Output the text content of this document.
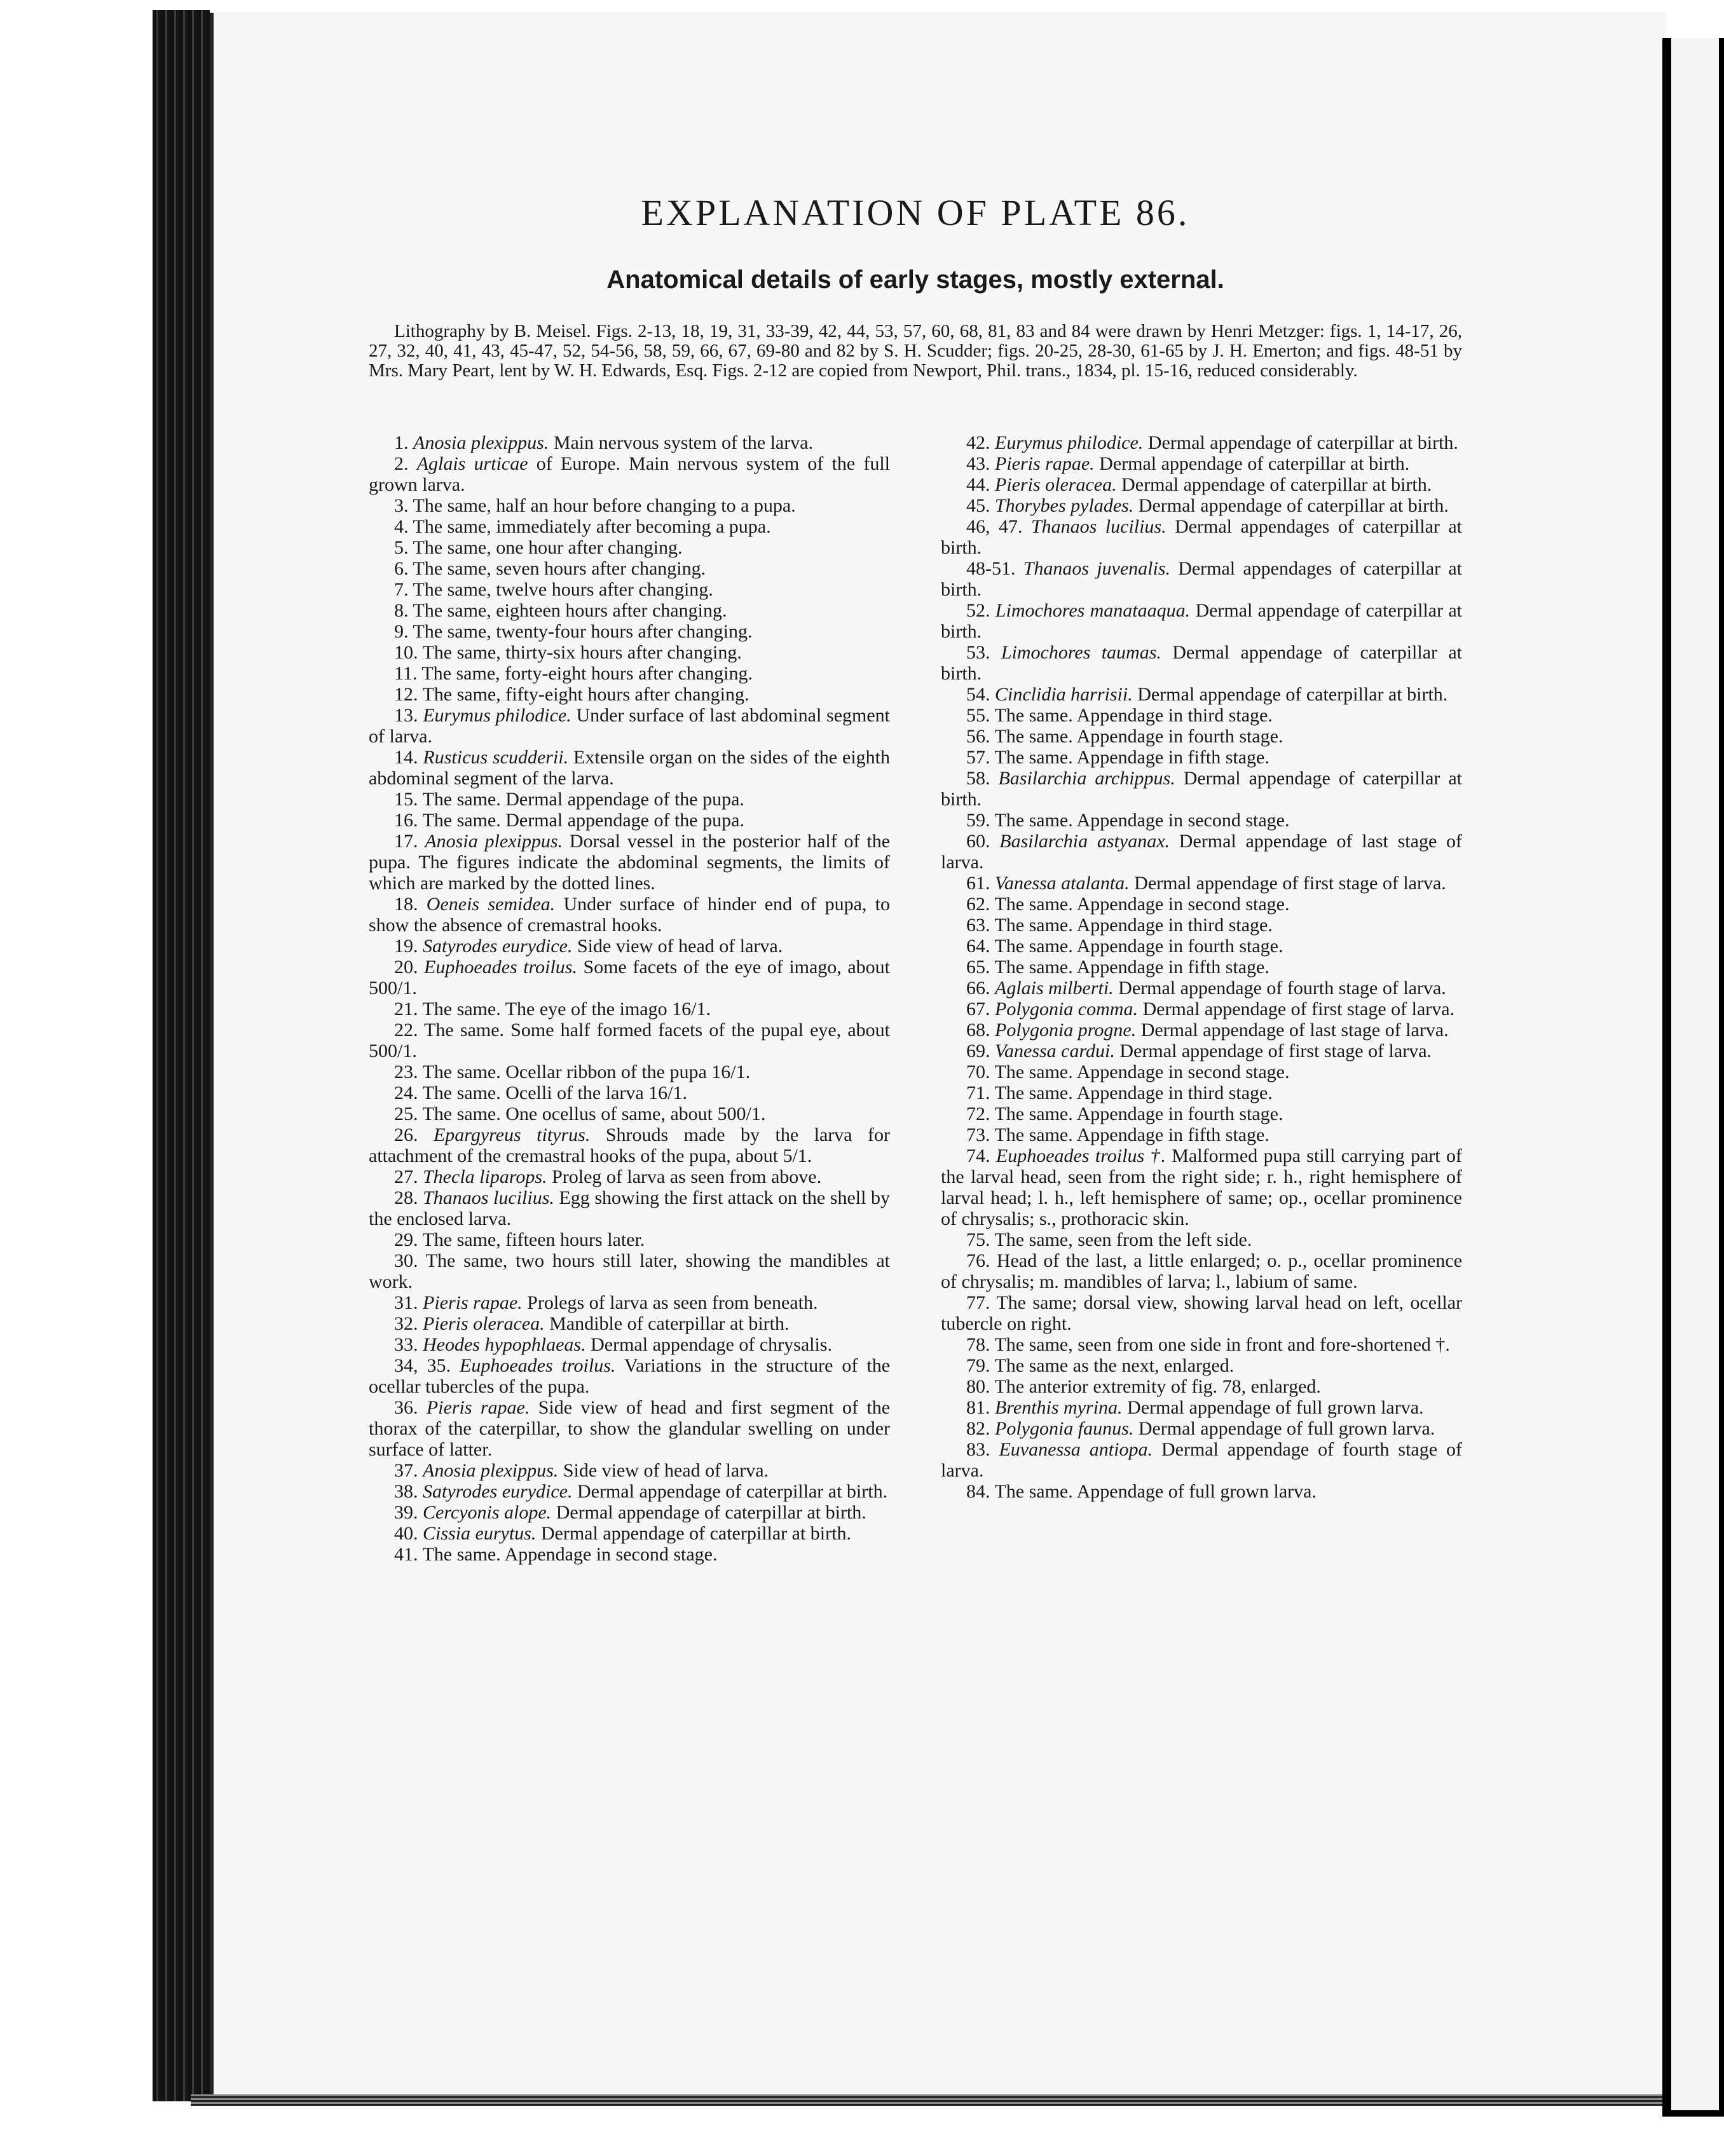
EXPLANATION OF PLATE 86.
Anatomical details of early stages, mostly external.

Lithography by B. Meisel. Figs. 2-13, 18, 19, 31, 33-39, 42, 44, 53, 57, 60, 68, 81, 83 and 84 were drawn by Henri Metzger: figs. 1, 14-17, 26, 27, 32, 40, 41, 43, 45-47, 52, 54-56, 58, 59, 66, 67, 69-80 and 82 by S. H. Scudder; figs. 20-25, 28-30, 61-65 by J. H. Emerton; and figs. 48-51 by Mrs. Mary Peart, lent by W. H. Edwards, Esq. Figs. 2-12 are copied from Newport, Phil. trans., 1834, pl. 15-16, reduced considerably.

1. Anosia plexippus. Main nervous system of the larva.

2. Aglais urticae of Europe. Main nervous system of the full grown larva.

3. The same, half an hour before changing to a pupa.

4. The same, immediately after becoming a pupa.

5. The same, one hour after changing.

6. The same, seven hours after changing.

7. The same, twelve hours after changing.

8. The same, eighteen hours after changing.

9. The same, twenty-four hours after changing.

10. The same, thirty-six hours after changing.

11. The same, forty-eight hours after changing.

12. The same, fifty-eight hours after changing.

13. Eurymus philodice. Under surface of last abdominal segment of larva.

14. Rusticus scudderii. Extensile organ on the sides of the eighth abdominal segment of the larva.

15. The same. Dermal appendage of the pupa.

16. The same. Dermal appendage of the pupa.

17. Anosia plexippus. Dorsal vessel in the posterior half of the pupa. The figures indicate the abdominal segments, the limits of which are marked by the dotted lines.

18. Oeneis semidea. Under surface of hinder end of pupa, to show the absence of cremastral hooks.

19. Satyrodes eurydice. Side view of head of larva.

20. Euphoeades troilus. Some facets of the eye of imago, about 500/1.

21. The same. The eye of the imago 16/1.

22. The same. Some half formed facets of the pupal eye, about 500/1.

23. The same. Ocellar ribbon of the pupa 16/1.

24. The same. Ocelli of the larva 16/1.

25. The same. One ocellus of same, about 500/1.

26. Epargyreus tityrus. Shrouds made by the larva for attachment of the cremastral hooks of the pupa, about 5/1.

27. Thecla liparops. Proleg of larva as seen from above.

28. Thanaos lucilius. Egg showing the first attack on the shell by the enclosed larva.

29. The same, fifteen hours later.

30. The same, two hours still later, showing the mandibles at work.

31. Pieris rapae. Prolegs of larva as seen from beneath.

32. Pieris oleracea. Mandible of caterpillar at birth.

33. Heodes hypophlaeas. Dermal appendage of chrysalis.

34, 35. Euphoeades troilus. Variations in the structure of the ocellar tubercles of the pupa.

36. Pieris rapae. Side view of head and first segment of the thorax of the caterpillar, to show the glandular swelling on under surface of latter.

37. Anosia plexippus. Side view of head of larva.

38. Satyrodes eurydice. Dermal appendage of caterpillar at birth.

39. Cercyonis alope. Dermal appendage of caterpillar at birth.

40. Cissia eurytus. Dermal appendage of caterpillar at birth.

41. The same. Appendage in second stage.

42. Eurymus philodice. Dermal appendage of caterpillar at birth.

43. Pieris rapae. Dermal appendage of caterpillar at birth.

44. Pieris oleracea. Dermal appendage of caterpillar at birth.

45. Thorybes pylades. Dermal appendage of caterpillar at birth.

46, 47. Thanaos lucilius. Dermal appendages of caterpillar at birth.

48-51. Thanaos juvenalis. Dermal appendages of caterpillar at birth.

52. Limochores manataaqua. Dermal appendage of caterpillar at birth.

53. Limochores taumas. Dermal appendage of caterpillar at birth.

54. Cinclidia harrisii. Dermal appendage of caterpillar at birth.

55. The same. Appendage in third stage.

56. The same. Appendage in fourth stage.

57. The same. Appendage in fifth stage.

58. Basilarchia archippus. Dermal appendage of caterpillar at birth.

59. The same. Appendage in second stage.

60. Basilarchia astyanax. Dermal appendage of last stage of larva.

61. Vanessa atalanta. Dermal appendage of first stage of larva.

62. The same. Appendage in second stage.

63. The same. Appendage in third stage.

64. The same. Appendage in fourth stage.

65. The same. Appendage in fifth stage.

66. Aglais milberti. Dermal appendage of fourth stage of larva.

67. Polygonia comma. Dermal appendage of first stage of larva.

68. Polygonia progne. Dermal appendage of last stage of larva.

69. Vanessa cardui. Dermal appendage of first stage of larva.

70. The same. Appendage in second stage.

71. The same. Appendage in third stage.

72. The same. Appendage in fourth stage.

73. The same. Appendage in fifth stage.

74. Euphoeades troilus †. Malformed pupa still carrying part of the larval head, seen from the right side; r. h., right hemisphere of larval head; l. h., left hemisphere of same; op., ocellar prominence of chrysalis; s., prothoracic skin.

75. The same, seen from the left side.

76. Head of the last, a little enlarged; o. p., ocellar prominence of chrysalis; m. mandibles of larva; l., labium of same.

77. The same; dorsal view, showing larval head on left, ocellar tubercle on right.

78. The same, seen from one side in front and fore-shortened †.

79. The same as the next, enlarged.

80. The anterior extremity of fig. 78, enlarged.

81. Brenthis myrina. Dermal appendage of full grown larva.

82. Polygonia faunus. Dermal appendage of full grown larva.

83. Euvanessa antiopa. Dermal appendage of fourth stage of larva.

84. The same. Appendage of full grown larva.
